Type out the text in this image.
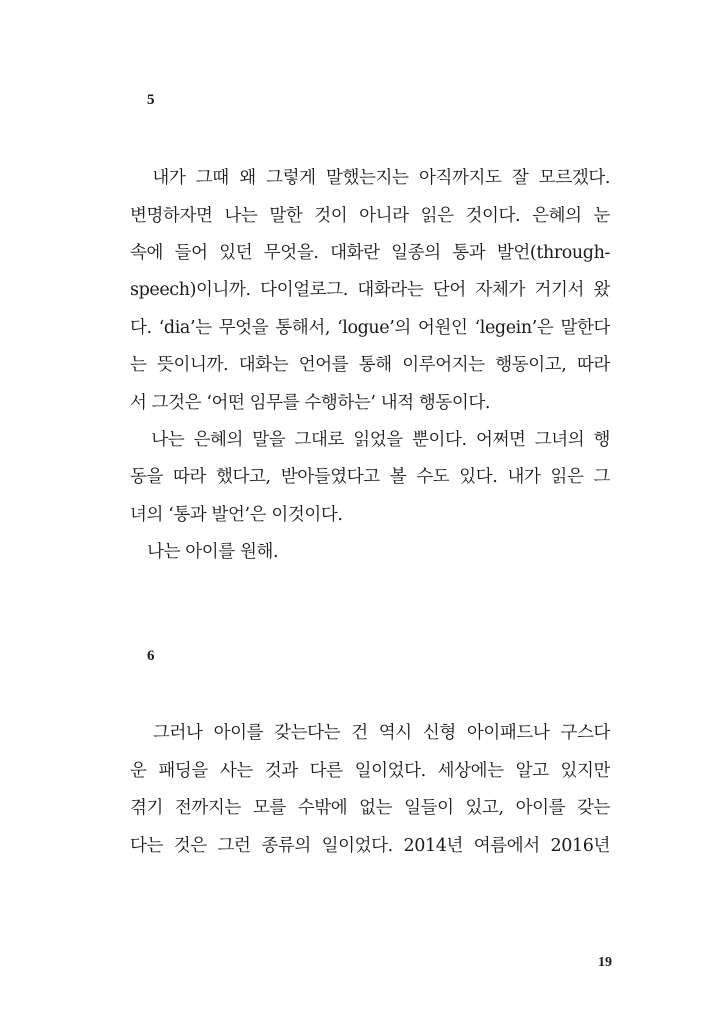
5
　내가 그때 왜 그렇게 말했는지는 아직까지도 잘 모르겠다.
변명하자면 나는 말한 것이 아니라 읽은 것이다. 은혜의 눈
속에 들어 있던 무엇을. 대화란 일종의 통과 발언(through-
speech)이니까. 다이얼로그. 대화라는 단어 자체가 거기서 왔
다. ‘dia’는 무엇을 통해서, ‘logue’의 어원인 ‘legein’은 말한다
는 뜻이니까. 대화는 언어를 통해 이루어지는 행동이고, 따라
서 그것은 ‘어떤 임무를 수행하는’ 내적 행동이다.
　나는 은혜의 말을 그대로 읽었을 뿐이다. 어쩌면 그녀의 행
동을 따라 했다고, 받아들였다고 볼 수도 있다. 내가 읽은 그
녀의 ‘통과 발언’은 이것이다.
　나는 아이를 원해.
6
　그러나 아이를 갖는다는 건 역시 신형 아이패드나 구스다
운 패딩을 사는 것과 다른 일이었다. 세상에는 알고 있지만
겪기 전까지는 모를 수밖에 없는 일들이 있고, 아이를 갖는
다는 것은 그런 종류의 일이었다. 2014년 여름에서 2016년
19
